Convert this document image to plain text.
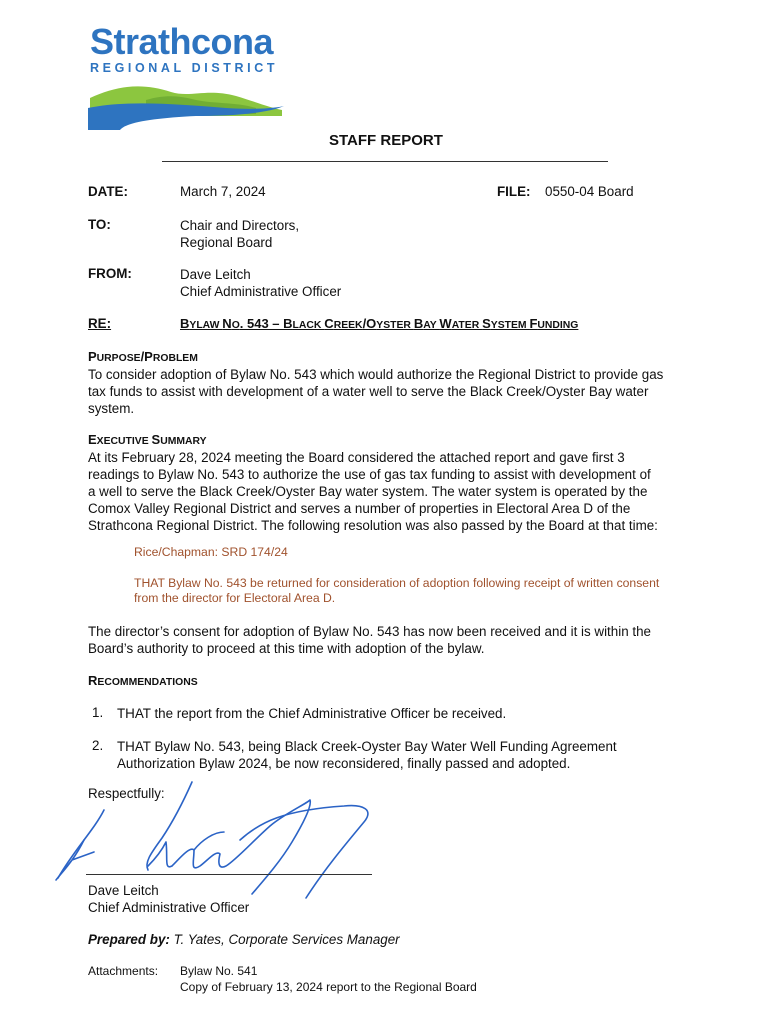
Strathcona
REGIONAL DISTRICT
STAFF REPORT
DATE:	March 7, 2024	FILE: 0550-04 Board
TO:	Chair and Directors,
Regional Board
FROM:	Dave Leitch
Chief Administrative Officer
RE:	BYLAW NO. 543 – BLACK CREEK/OYSTER BAY WATER SYSTEM FUNDING
PURPOSE/PROBLEM
To consider adoption of Bylaw No. 543 which would authorize the Regional District to provide gas
tax funds to assist with development of a water well to serve the Black Creek/Oyster Bay water
system.
EXECUTIVE SUMMARY
At its February 28, 2024 meeting the Board considered the attached report and gave first 3
readings to Bylaw No. 543 to authorize the use of gas tax funding to assist with development of
a well to serve the Black Creek/Oyster Bay water system. The water system is operated by the
Comox Valley Regional District and serves a number of properties in Electoral Area D of the
Strathcona Regional District. The following resolution was also passed by the Board at that time:
Rice/Chapman: SRD 174/24
THAT Bylaw No. 543 be returned for consideration of adoption following receipt of written consent
from the director for Electoral Area D.
The director’s consent for adoption of Bylaw No. 543 has now been received and it is within the
Board’s authority to proceed at this time with adoption of the bylaw.
RECOMMENDATIONS
1. THAT the report from the Chief Administrative Officer be received.
2. THAT Bylaw No. 543, being Black Creek-Oyster Bay Water Well Funding Agreement
Authorization Bylaw 2024, be now reconsidered, finally passed and adopted.
Respectfully:
Dave Leitch
Chief Administrative Officer
Prepared by: T. Yates, Corporate Services Manager
Attachments: Bylaw No. 541
Copy of February 13, 2024 report to the Regional Board
